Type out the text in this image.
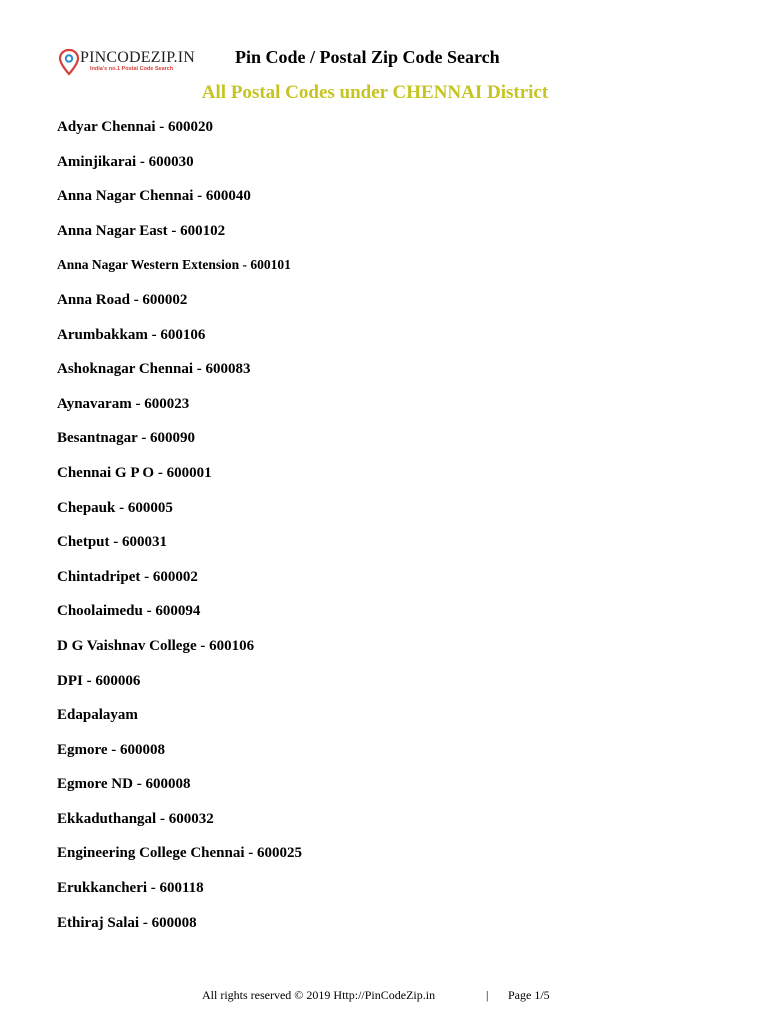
PINCODEZIP.IN
India's no.1 Postal Code Search
Pin Code / Postal Zip Code Search
All Postal Codes under CHENNAI District
Adyar Chennai - 600020
Aminjikarai - 600030
Anna Nagar Chennai - 600040
Anna Nagar East - 600102
Anna Nagar Western Extension - 600101
Anna Road - 600002
Arumbakkam - 600106
Ashoknagar Chennai - 600083
Aynavaram - 600023
Besantnagar - 600090
Chennai G P O - 600001
Chepauk - 600005
Chetput - 600031
Chintadripet - 600002
Choolaimedu - 600094
D G Vaishnav College - 600106
DPI - 600006
Edapalayam
Egmore - 600008
Egmore ND - 600008
Ekkaduthangal - 600032
Engineering College Chennai - 600025
Erukkancheri - 600118
Ethiraj Salai - 600008
All rights reserved © 2019 Http://PinCodeZip.in	| Page 1/5
